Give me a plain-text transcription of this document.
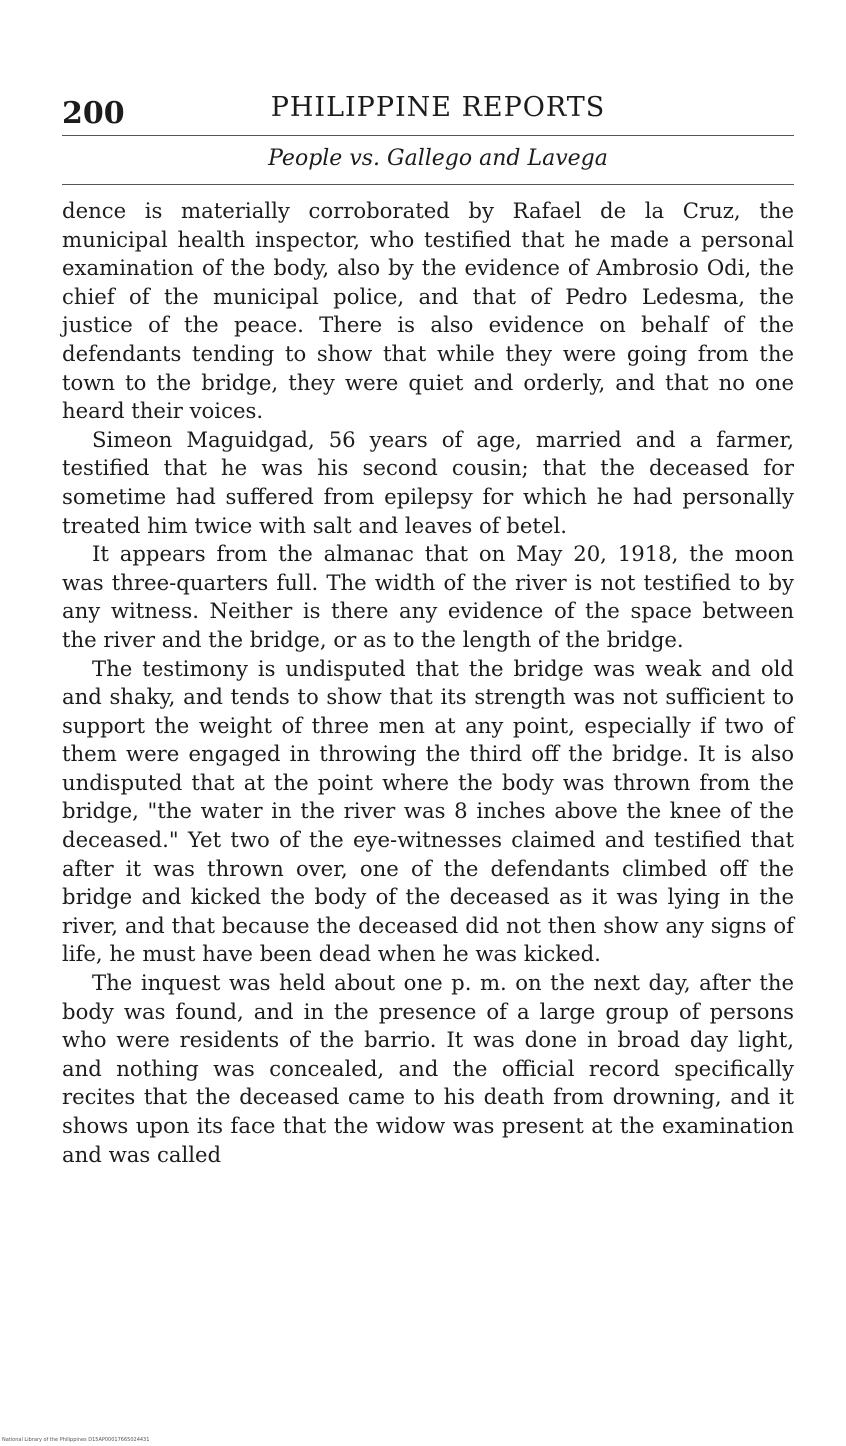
200	PHILIPPINE REPORTS
People vs. Gallego and Lavega

dence is materially corroborated by Rafael de la Cruz, the municipal health inspector, who testified that he made a personal examination of the body, also by the evidence of Ambrosio Odi, the chief of the municipal police, and that of Pedro Ledesma, the justice of the peace. There is also evidence on behalf of the defendants tending to show that while they were going from the town to the bridge, they were quiet and orderly, and that no one heard their voices.

Simeon Maguidgad, 56 years of age, married and a farmer, testified that he was his second cousin; that the deceased for sometime had suffered from epilepsy for which he had personally treated him twice with salt and leaves of betel.

It appears from the almanac that on May 20, 1918, the moon was three-quarters full. The width of the river is not testified to by any witness. Neither is there any evidence of the space between the river and the bridge, or as to the length of the bridge.

The testimony is undisputed that the bridge was weak and old and shaky, and tends to show that its strength was not sufficient to support the weight of three men at any point, especially if two of them were engaged in throwing the third off the bridge. It is also undisputed that at the point where the body was thrown from the bridge, "the water in the river was 8 inches above the knee of the deceased." Yet two of the eye-witnesses claimed and testified that after it was thrown over, one of the defendants climbed off the bridge and kicked the body of the deceased as it was lying in the river, and that because the deceased did not then show any signs of life, he must have been dead when he was kicked.

The inquest was held about one p. m. on the next day, after the body was found, and in the presence of a large group of persons who were residents of the barrio. It was done in broad day light, and nothing was concealed, and the official record specifically recites that the deceased came to his death from drowning, and it shows upon its face that the widow was present at the examination and was called

National Library of the Philippines D15AP00017665024431
